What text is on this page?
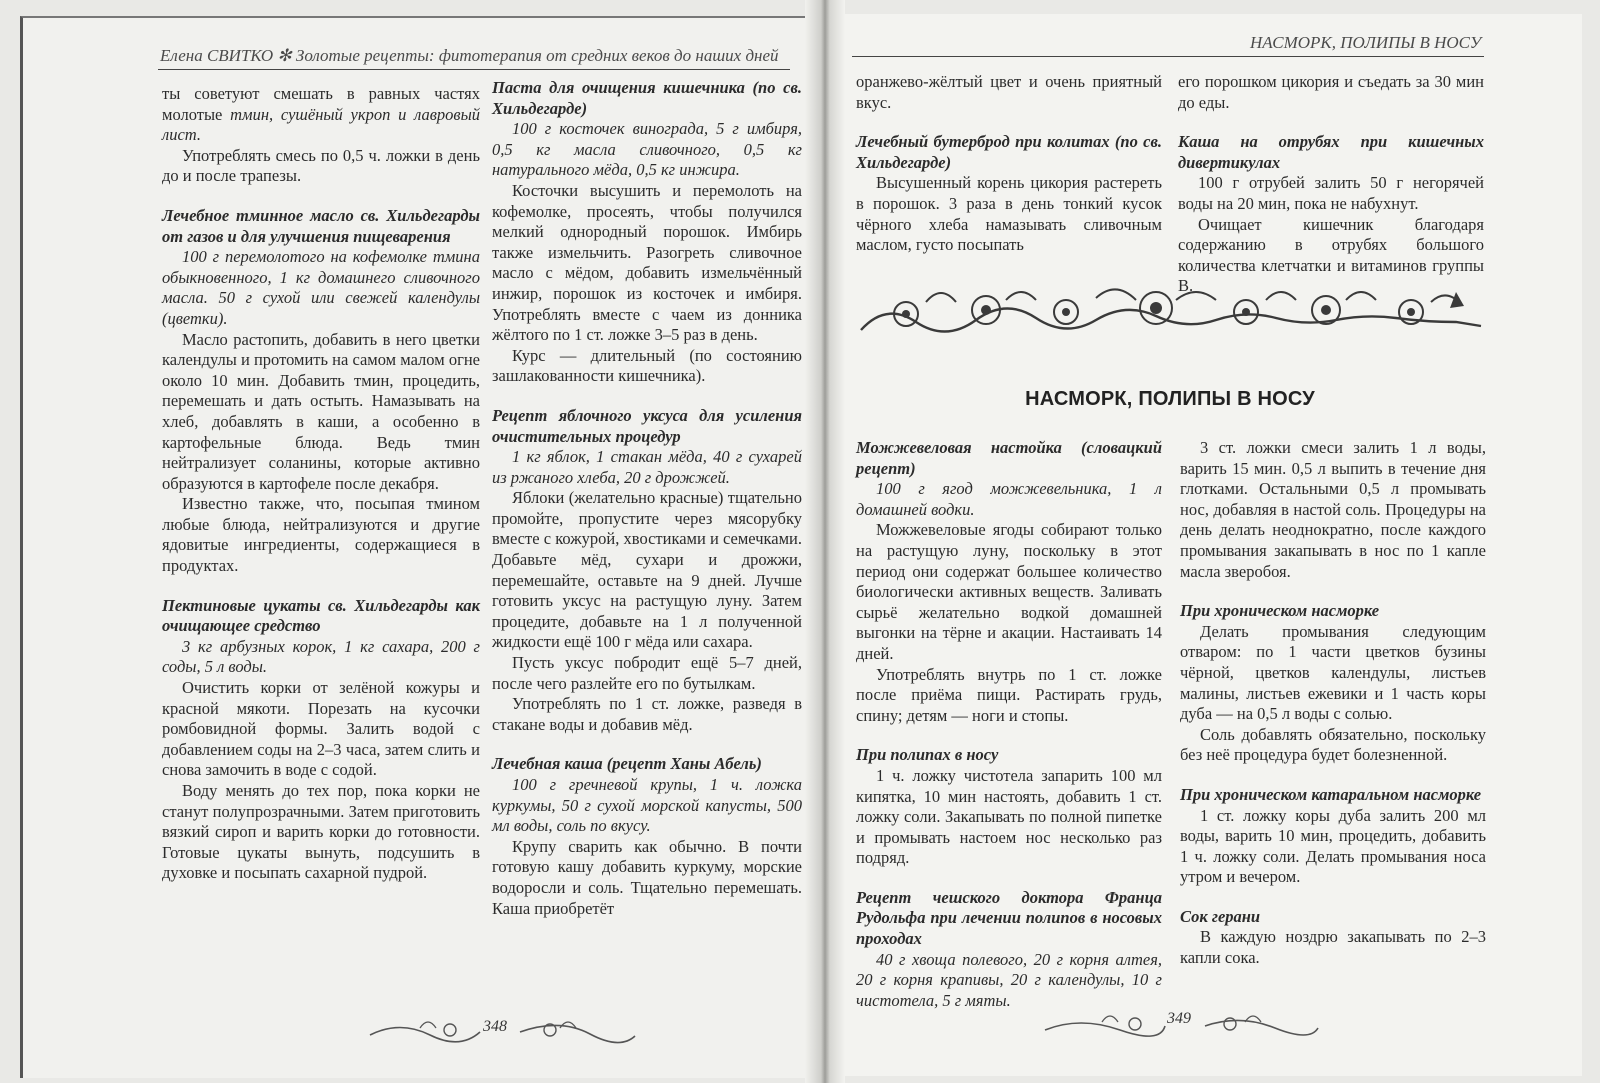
Елена СВИТКО ✻ Золотые рецепты: фитотерапия от средних веков до наших дней

ты советуют смешать в равных частях молотые тмин, сушёный укроп и лавровый лист.

Употреблять смесь по 0,5 ч. ложки в день до и после трапезы.

Лечебное тминное масло св. Хильдегарды от газов и для улучшения пищеварения

100 г перемолотого на кофемолке тмина обыкновенного, 1 кг домашнего сливочного масла. 50 г сухой или свежей календулы (цветки).

Масло растопить, добавить в него цветки календулы и протомить на самом малом огне около 10 мин. Добавить тмин, процедить, перемешать и дать остыть. Намазывать на хлеб, добавлять в каши, а особенно в картофельные блюда. Ведь тмин нейтрализует соланины, которые активно образуются в картофеле после декабря.

Известно также, что, посыпая тмином любые блюда, нейтрализуются и другие ядовитые ингредиенты, содержащиеся в продуктах.

Пектиновые цукаты св. Хильдегарды как очищающее средство

3 кг арбузных корок, 1 кг сахара, 200 г соды, 5 л воды.

Очистить корки от зелёной кожуры и красной мякоти. Порезать на кусочки ромбовидной формы. Залить водой с добавлением соды на 2–3 часа, затем слить и снова замочить в воде с содой.

Воду менять до тех пор, пока корки не станут полупрозрачными. Затем приготовить вязкий сироп и варить корки до готовности. Готовые цукаты вынуть, подсушить в духовке и посыпать сахарной пудрой.

Паста для очищения кишечника (по св. Хильдегарде)

100 г косточек винограда, 5 г имбиря, 0,5 кг масла сливочного, 0,5 кг натурального мёда, 0,5 кг инжира.

Косточки высушить и перемолоть на кофемолке, просеять, чтобы получился мелкий однородный порошок. Имбирь также измельчить. Разогреть сливочное масло с мёдом, добавить измельчённый инжир, порошок из косточек и имбиря. Употреблять вместе с чаем из донника жёлтого по 1 ст. ложке 3–5 раз в день.

Курс — длительный (по состоянию зашлакованности кишечника).

Рецепт яблочного уксуса для усиления очистительных процедур

1 кг яблок, 1 стакан мёда, 40 г сухарей из ржаного хлеба, 20 г дрожжей.

Яблоки (желательно красные) тщательно промойте, пропустите через мясорубку вместе с кожурой, хвостиками и семечками. Добавьте мёд, сухари и дрожжи, перемешайте, оставьте на 9 дней. Лучше готовить уксус на растущую луну. Затем процедите, добавьте на 1 л полученной жидкости ещё 100 г мёда или сахара.

Пусть уксус побродит ещё 5–7 дней, после чего разлейте его по бутылкам.

Употреблять по 1 ст. ложке, разведя в стакане воды и добавив мёд.

Лечебная каша (рецепт Ханы Абель)

100 г гречневой крупы, 1 ч. ложка куркумы, 50 г сухой морской капусты, 500 мл воды, соль по вкусу.

Крупу сварить как обычно. В почти готовую кашу добавить куркуму, морские водоросли и соль. Тщательно перемешать. Каша приобретёт

348
НАСМОРК, ПОЛИПЫ В НОСУ

оранжево-жёлтый цвет и очень приятный вкус.

Лечебный бутерброд при колитах (по св. Хильдегарде)

Высушенный корень цикория растереть в порошок. 3 раза в день тонкий кусок чёрного хлеба намазывать сливочным маслом, густо посыпать

его порошком цикория и съедать за 30 мин до еды.

Каша на отрубях при кишечных дивертикулах

100 г отрубей залить 50 г негорячей воды на 20 мин, пока не набухнут.

Очищает кишечник благодаря содержанию в отрубях большого количества клетчатки и витаминов группы В.

НАСМОРК, ПОЛИПЫ В НОСУ

Можжевеловая настойка (словацкий рецепт)

100 г ягод можжевельника, 1 л домашней водки.

Можжевеловые ягоды собирают только на растущую луну, поскольку в этот период они содержат большее количество биологически активных веществ. Заливать сырьё желательно водкой домашней выгонки на тёрне и акации. Настаивать 14 дней.

Употреблять внутрь по 1 ст. ложке после приёма пищи. Растирать грудь, спину; детям — ноги и стопы.

При полипах в носу

1 ч. ложку чистотела запарить 100 мл кипятка, 10 мин настоять, добавить 1 ст. ложку соли. Закапывать по полной пипетке и промывать настоем нос несколько раз подряд.

Рецепт чешского доктора Франца Рудольфа при лечении полипов в носовых проходах

40 г хвоща полевого, 20 г корня алтея, 20 г корня крапивы, 20 г календулы, 10 г чистотела, 5 г мяты.

3 ст. ложки смеси залить 1 л воды, варить 15 мин. 0,5 л выпить в течение дня глотками. Остальными 0,5 л промывать нос, добавляя в настой соль. Процедуры на день делать неоднократно, после каждого промывания закапывать в нос по 1 капле масла зверобоя.

При хроническом насморке

Делать промывания следующим отваром: по 1 части цветков бузины чёрной, цветков календулы, листьев малины, листьев ежевики и 1 часть коры дуба — на 0,5 л воды с солью.

Соль добавлять обязательно, поскольку без неё процедура будет болезненной.

При хроническом катаральном насморке

1 ст. ложку коры дуба залить 200 мл воды, варить 10 мин, процедить, добавить 1 ч. ложку соли. Делать промывания носа утром и вечером.

Сок герани

В каждую ноздрю закапывать по 2–3 капли сока.

349
